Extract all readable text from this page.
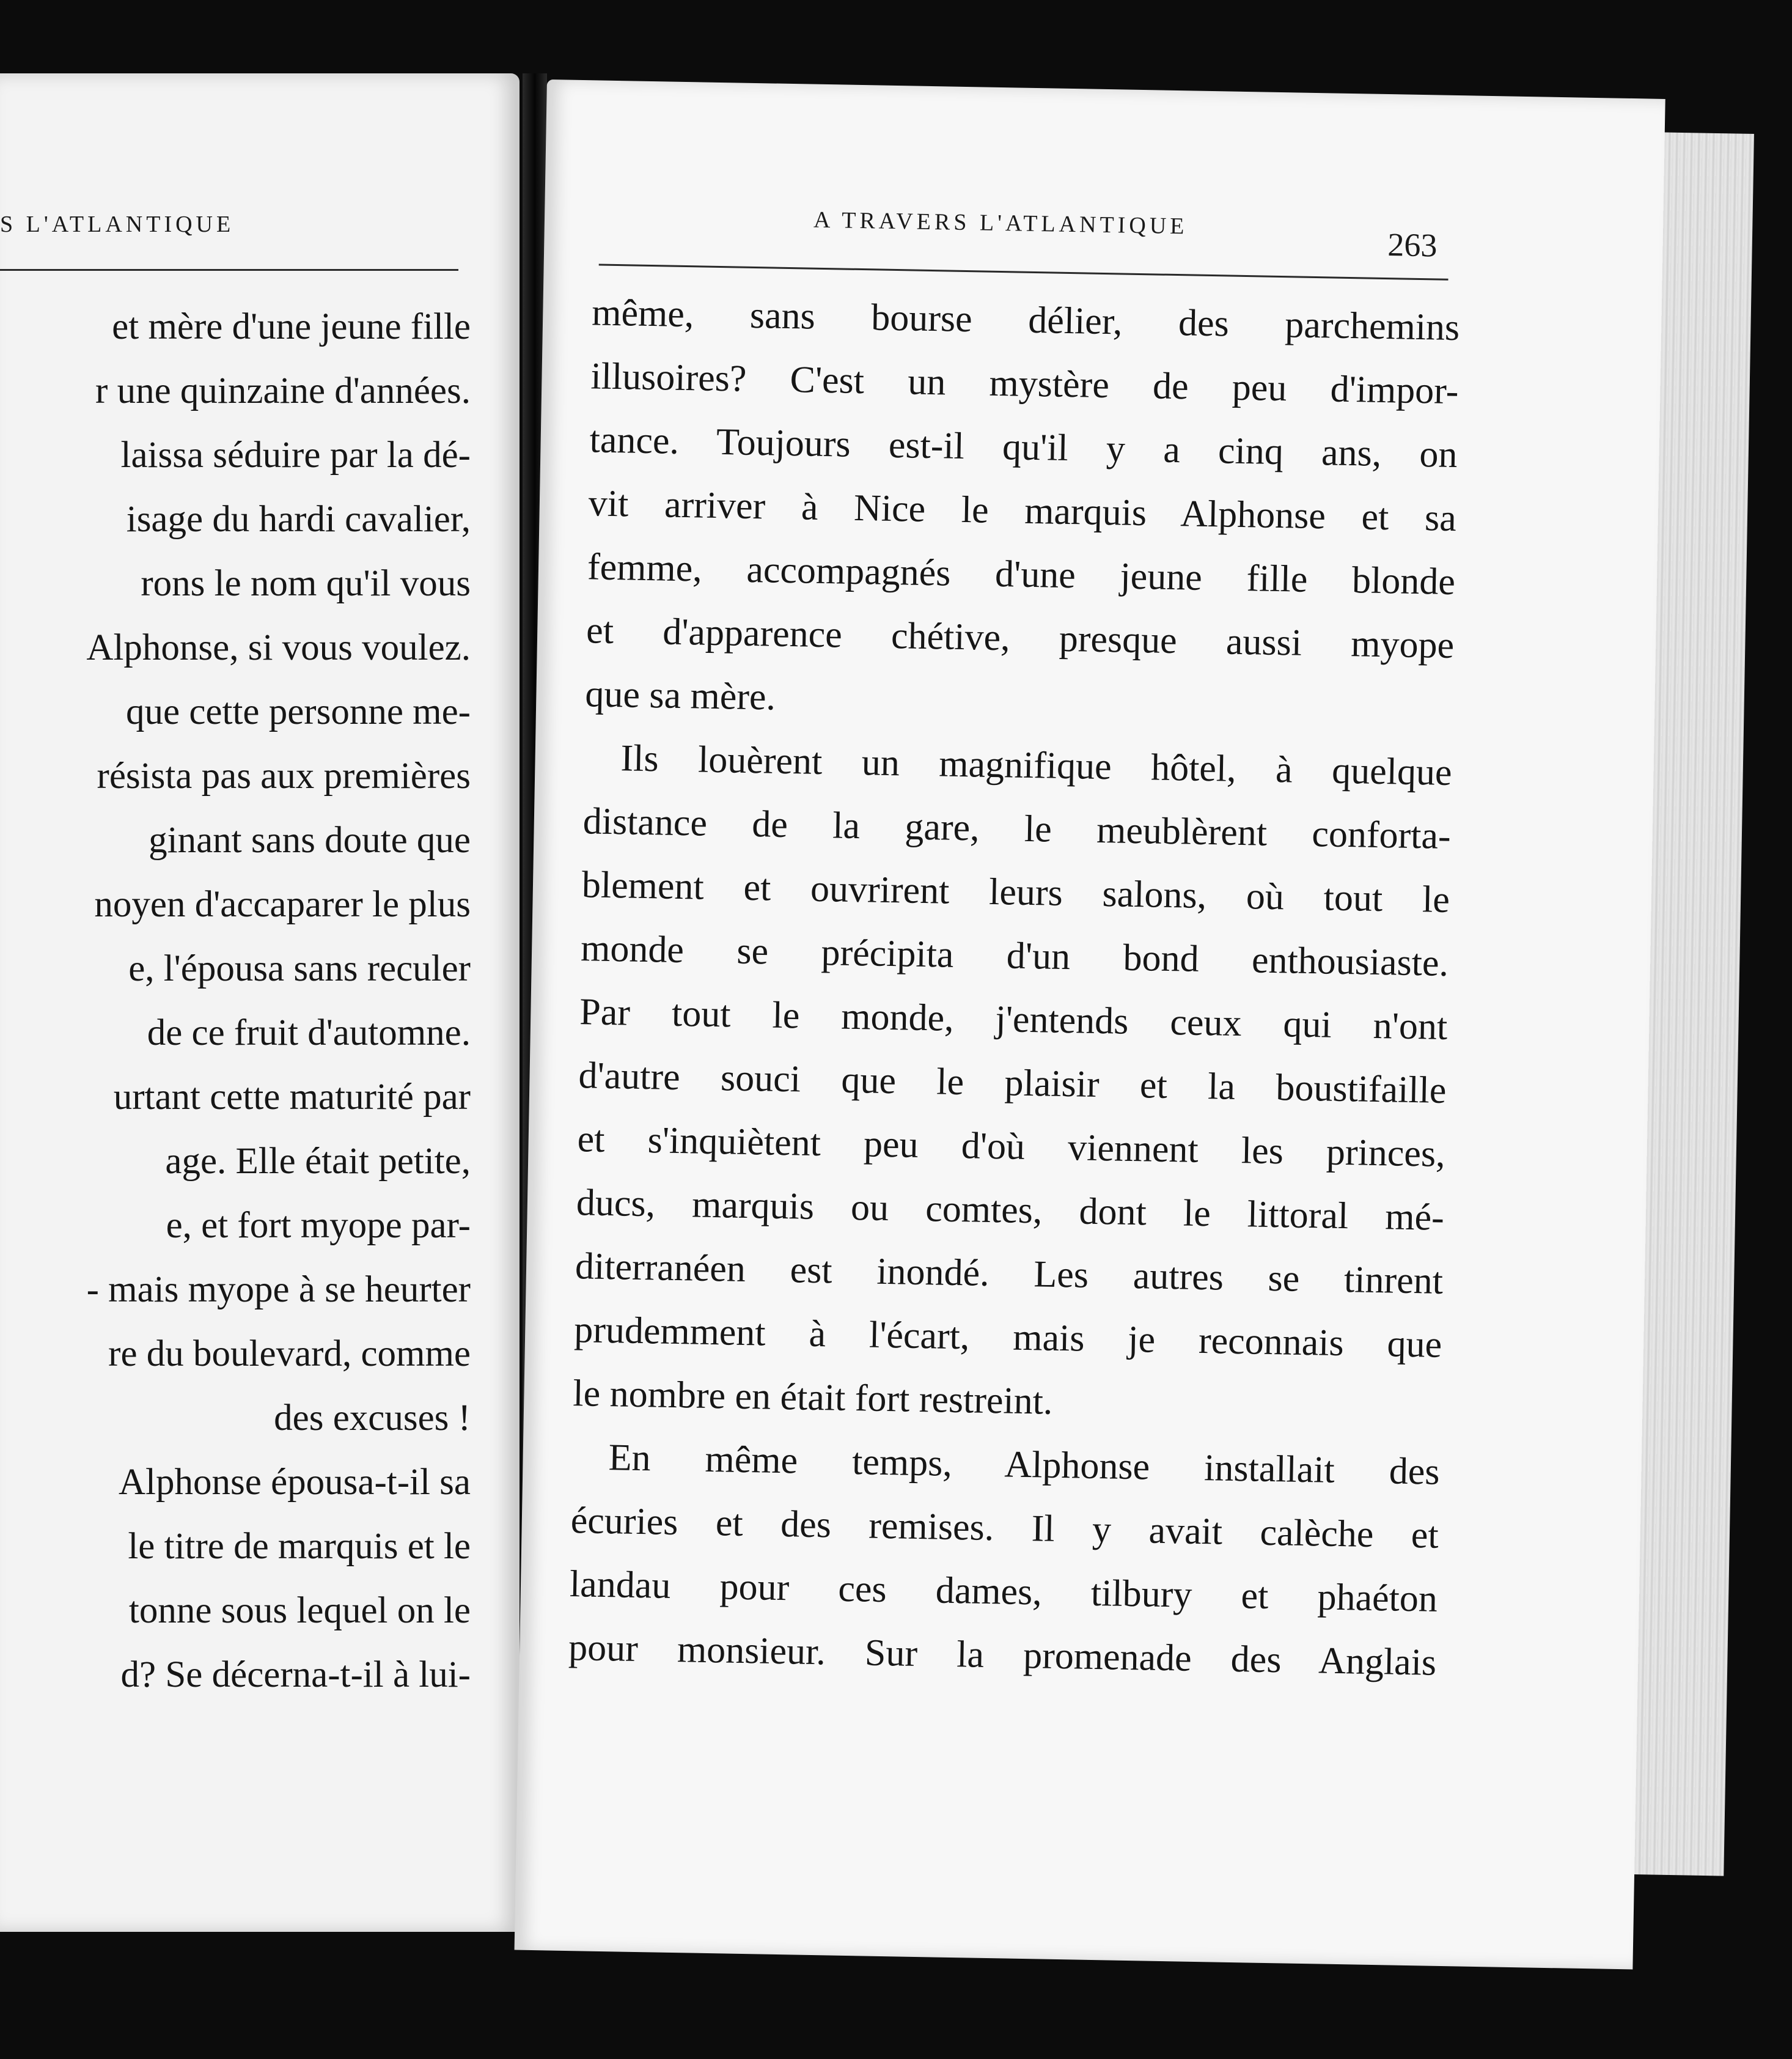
S L'ATLANTIQUE
et mère d'une jeune fille
r une quinzaine d'années.
laissa séduire par la dé-
isage du hardi cavalier,
rons le nom qu'il vous
Alphonse, si vous voulez.
que cette personne me-
résista pas aux premières
ginant sans doute que
noyen d'accaparer le plus
e, l'épousa sans reculer
de ce fruit d'automne.
urtant cette maturité par
age. Elle était petite,
e, et fort myope par-
- mais myope à se heurter
re du boulevard, comme
des excuses !
Alphonse épousa-t-il sa
le titre de marquis et le
tonne sous lequel on le
d? Se décerna-t-il à lui-
A TRAVERS L'ATLANTIQUE
263
même, sans bourse délier, des parchemins
illusoires? C'est un mystère de peu d'impor-
tance. Toujours est-il qu'il y a cinq ans, on
vit arriver à Nice le marquis Alphonse et sa
femme, accompagnés d'une jeune fille blonde
et d'apparence chétive, presque aussi myope
que sa mère.
Ils louèrent un magnifique hôtel, à quelque
distance de la gare, le meublèrent conforta-
blement et ouvrirent leurs salons, où tout le
monde se précipita d'un bond enthousiaste.
Par tout le monde, j'entends ceux qui n'ont
d'autre souci que le plaisir et la boustifaille
et s'inquiètent peu d'où viennent les princes,
ducs, marquis ou comtes, dont le littoral mé-
diterranéen est inondé. Les autres se tinrent
prudemment à l'écart, mais je reconnais que
le nombre en était fort restreint.
En même temps, Alphonse installait des
écuries et des remises. Il y avait calèche et
landau pour ces dames, tilbury et phaéton
pour monsieur. Sur la promenade des Anglais
